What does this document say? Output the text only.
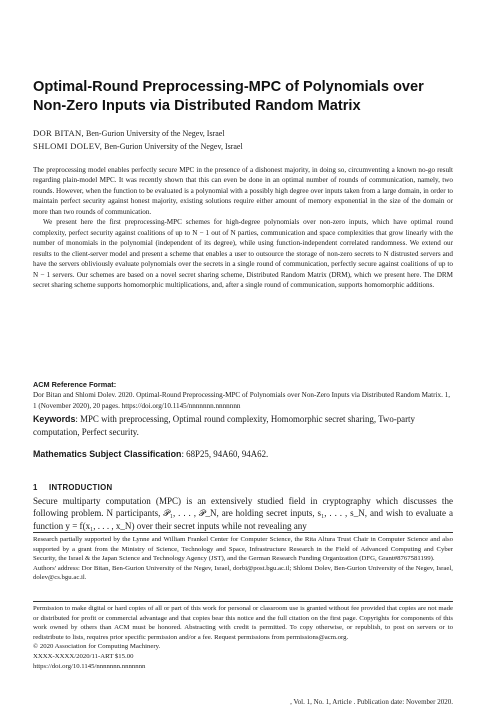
Optimal-Round Preprocessing-MPC of Polynomials over
Non-Zero Inputs via Distributed Random Matrix
DOR BITAN, Ben-Gurion University of the Negev, Israel
SHLOMI DOLEV, Ben-Gurion University of the Negev, Israel

The preprocessing model enables perfectly secure MPC in the presence of a dishonest majority, in doing so, circumventing a known no-go result regarding plain-model MPC. It was recently shown that this can even be done in an optimal number of rounds of communication, namely, two rounds. However, when the function to be evaluated is a polynomial with a possibly high degree over inputs taken from a large domain, in order to maintain perfect security against honest majority, existing solutions require either amount of memory exponential in the size of the domain or more than two rounds of communication.

We present here the first preprocessing-MPC schemes for high-degree polynomials over non-zero inputs, which have optimal round complexity, perfect security against coalitions of up to N − 1 out of N parties, communication and space complexities that grow linearly with the number of monomials in the polynomial (independent of its degree), while using function-independent correlated randomness. We extend our results to the client-server model and present a scheme that enables a user to outsource the storage of non-zero secrets to N distrusted servers and have the servers obliviously evaluate polynomials over the secrets in a single round of communication, perfectly secure against coalitions of up to N − 1 servers. Our schemes are based on a novel secret sharing scheme, Distributed Random Matrix (DRM), which we present here. The DRM secret sharing scheme supports homomorphic multiplications, and, after a single round of communication, supports homomorphic additions.

ACM Reference Format:
Dor Bitan and Shlomi Dolev. 2020. Optimal-Round Preprocessing-MPC of Polynomials over Non-Zero Inputs via Distributed Random Matrix. 1, 1 (November 2020), 20 pages. https://doi.org/10.1145/nnnnnnn.nnnnnnn
Keywords: MPC with preprocessing, Optimal round complexity, Homomorphic secret sharing, Two-party computation, Perfect security.
Mathematics Subject Classification: 68P25, 94A60, 94A62.
1 INTRODUCTION
Secure multiparty computation (MPC) is an extensively studied field in cryptography which discusses the following problem. N participants, 𝒫₁, . . . , 𝒫_N, are holding secret inputs, s₁, . . . , s_N, and wish to evaluate a function y = f(x₁, . . . , x_N) over their secret inputs while not revealing any

Research partially supported by the Lynne and William Frankel Center for Computer Science, the Rita Altura Trust Chair in Computer Science and also supported by a grant from the Ministry of Science, Technology and Space, Infrastructure Research in the Field of Advanced Computing and Cyber Security, the Israel & the Japan Science and Technology Agency (JST), and the German Research Funding Organization (DFG, Grant#8767581199).

Authors' address: Dor Bitan, Ben-Gurion University of the Negev, Israel, dorbi@post.bgu.ac.il; Shlomi Dolev, Ben-Gurion University of the Negev, Israel, dolev@cs.bgu.ac.il.

Permission to make digital or hard copies of all or part of this work for personal or classroom use is granted without fee provided that copies are not made or distributed for profit or commercial advantage and that copies bear this notice and the full citation on the first page. Copyrights for components of this work owned by others than ACM must be honored. Abstracting with credit is permitted. To copy otherwise, or republish, to post on servers or to redistribute to lists, requires prior specific permission and/or a fee. Request permissions from permissions@acm.org.

© 2020 Association for Computing Machinery.

XXXX-XXXX/2020/11-ART $15.00

https://doi.org/10.1145/nnnnnnn.nnnnnnn

, Vol. 1, No. 1, Article . Publication date: November 2020.
